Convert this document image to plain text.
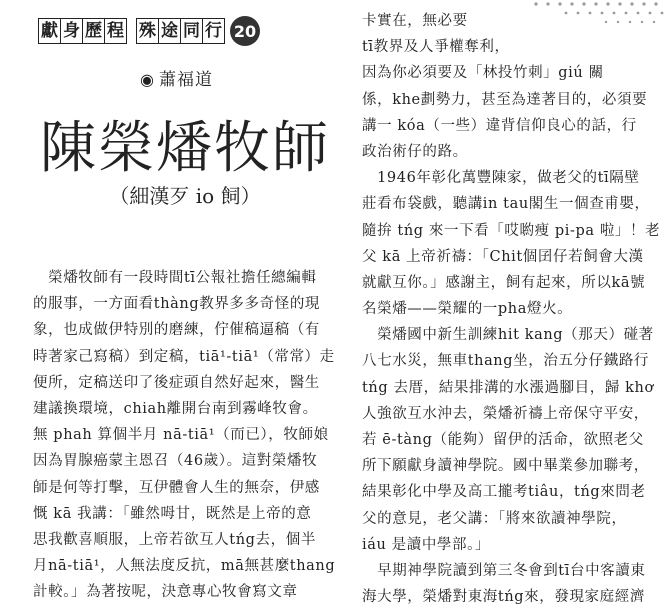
獻 身 歷 程 殊 途 同 行 20
◉ 蕭福道
陳榮燔牧師
（細漢歹 io 飼）

　榮燔牧師有一段時間tī公報社擔任總編輯

的服事，一方面看thàng教界多多奇怪的現

象，也成做伊特別的磨練，佇催稿逼稿（有

時著家己寫稿）到定稿，tiā¹-tiā¹（常常）走

便所，定稿送印了後症頭自然好起來，醫生

建議換環境，chiah離開台南到霧峰牧會。

無 phah 算個半月 nā-tiā¹（而已），牧師娘

因為胃腺癌蒙主恩召（46歲）。這對榮燔牧

師是何等打擊，互伊體會人生的無奈，伊感

慨 kā 我講：「雖然呣甘，既然是上帝的意

思我歡喜順服，上帝若欲互人tńg去，個半

月nā-tiā¹，人無法度反抗，mā無甚麼thang

計較。」為著按呢，決意專心牧會寫文章

卡實在，無必要

tī教界及人爭權奪利，

因為你必須要及「林投竹刺」giú 關

係，khe劃勢力，甚至為達著目的，必須要

講一 kóa（一些）違背信仰良心的話，行

政治術仔的路。

　1946年彰化萬豐陳家，做老父的tī隔壁

莊看布袋戲，聽講in tau閣生一個查甫嬰，

隨拚 tńg 來一下看「哎喲痩 pi-pa 啦」！老

父 kā 上帝祈禱：「Chit個囝仔若飼會大漢

就獻互你。」感謝主，飼有起來，所以kā號

名榮燔——榮耀的一pha燈火。

　榮燔國中新生訓練hit kang（那天）碰著

八七水災，無車thang坐，治五分仔鐵路行

tńg 去厝，結果排溝的水漲過腳目，歸 khơ

人強欲互水沖去，榮燔祈禱上帝保守平安，

若 ē-tàng（能夠）留伊的活命，欲照老父

所下願獻身讀神學院。國中畢業參加聯考，

結果彰化中學及高工攏考tiâu，tńg來問老

父的意見，老父講：「將來欲讀神學院，

iáu 是讀中學部。」

　早期神學院讀到第三冬會到tī台中客讀東

海大學，榮燔對東海tńg來，發現家庭經濟
